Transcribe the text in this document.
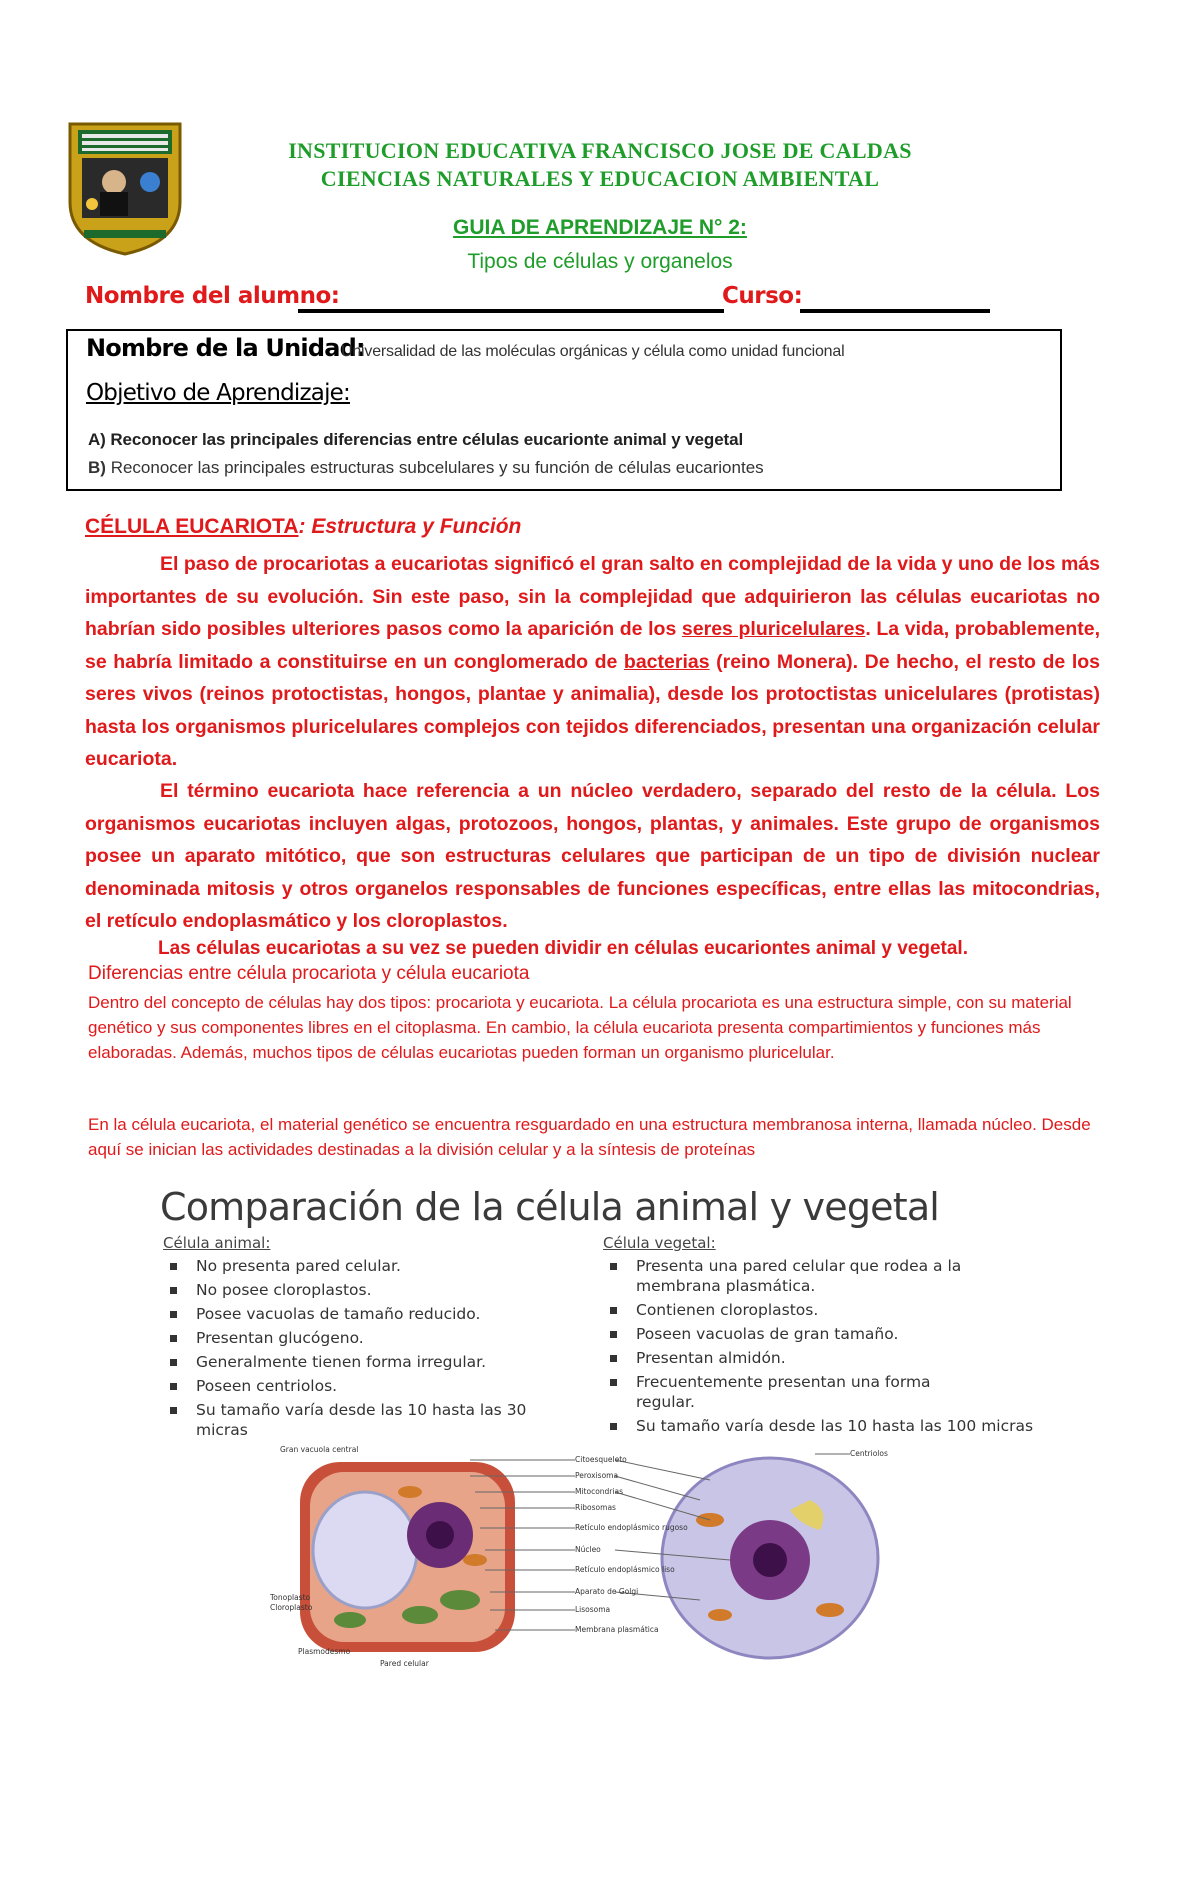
INSTITUCION EDUCATIVA FRANCISCO JOSE DE CALDAS
CIENCIAS NATURALES Y EDUCACION AMBIENTAL
GUIA DE APRENDIZAJE N° 2:
Tipos de células y organelos
Nombre del alumno:	Curso:
Nombre de la Unidad:
Universalidad de las moléculas orgánicas y célula como unidad funcional
Objetivo de Aprendizaje:
A) Reconocer las principales diferencias entre células eucarionte animal y vegetal
B) Reconocer las principales estructuras subcelulares y su función de células eucariontes
CÉLULA EUCARIOTA: Estructura y Función
El paso de procariotas a eucariotas significó el gran salto en complejidad de la vida y uno de los más importantes de su evolución. Sin este paso, sin la complejidad que adquirieron las células eucariotas no habrían sido posibles ulteriores pasos como la aparición de los seres pluricelulares. La vida, probablemente, se habría limitado a constituirse en un conglomerado de bacterias (reino Monera). De hecho, el resto de los seres vivos (reinos protoctistas, hongos, plantae y animalia), desde los protoctistas unicelulares (protistas) hasta los organismos pluricelulares complejos con tejidos diferenciados, presentan una organización celular eucariota.
El término eucariota hace referencia a un núcleo verdadero, separado del resto de la célula. Los organismos eucariotas incluyen algas, protozoos, hongos, plantas, y animales. Este grupo de organismos posee un aparato mitótico, que son estructuras celulares que participan de un tipo de división nuclear denominada mitosis y otros organelos responsables de funciones específicas, entre ellas las mitocondrias, el retículo endoplasmático y los cloroplastos.
Las células eucariotas a su vez se pueden dividir en células eucariontes animal y vegetal.
Diferencias entre célula procariota y célula eucariota
Dentro del concepto de células hay dos tipos: procariota y eucariota. La célula procariota es una estructura simple, con su material genético y sus componentes libres en el citoplasma. En cambio, la célula eucariota presenta compartimientos y funciones más elaboradas. Además, muchos tipos de células eucariotas pueden forman un organismo pluricelular.
En la célula eucariota, el material genético se encuentra resguardado en una estructura membranosa interna, llamada núcleo. Desde aquí se inician las actividades destinadas a la división celular y a la síntesis de proteínas
Comparación de la célula animal y vegetal
Célula animal:
No presenta pared celular.
No posee cloroplastos.
Posee vacuolas de tamaño reducido.
Presentan glucógeno.
Generalmente tienen forma irregular.
Poseen centriolos.
Su tamaño varía desde las 10 hasta las 30 micras
Célula vegetal:
Presenta una pared celular que rodea a la membrana plasmática.
Contienen cloroplastos.
Poseen vacuolas de gran tamaño.
Presentan almidón.
Frecuentemente presentan una forma regular.
Su tamaño varía desde las 10 hasta las 100 micras
Gran vacuola central
Citoesqueleto
Peroxisoma
Mitocondrias
Ribosomas
Retículo endoplásmico rugoso
Núcleo
Retículo endoplásmico liso
Aparato de Golgi
Lisosoma
Membrana plasmática
Centriolos
Tonoplasto
Cloroplasto
Plasmodesmo
Pared celular
